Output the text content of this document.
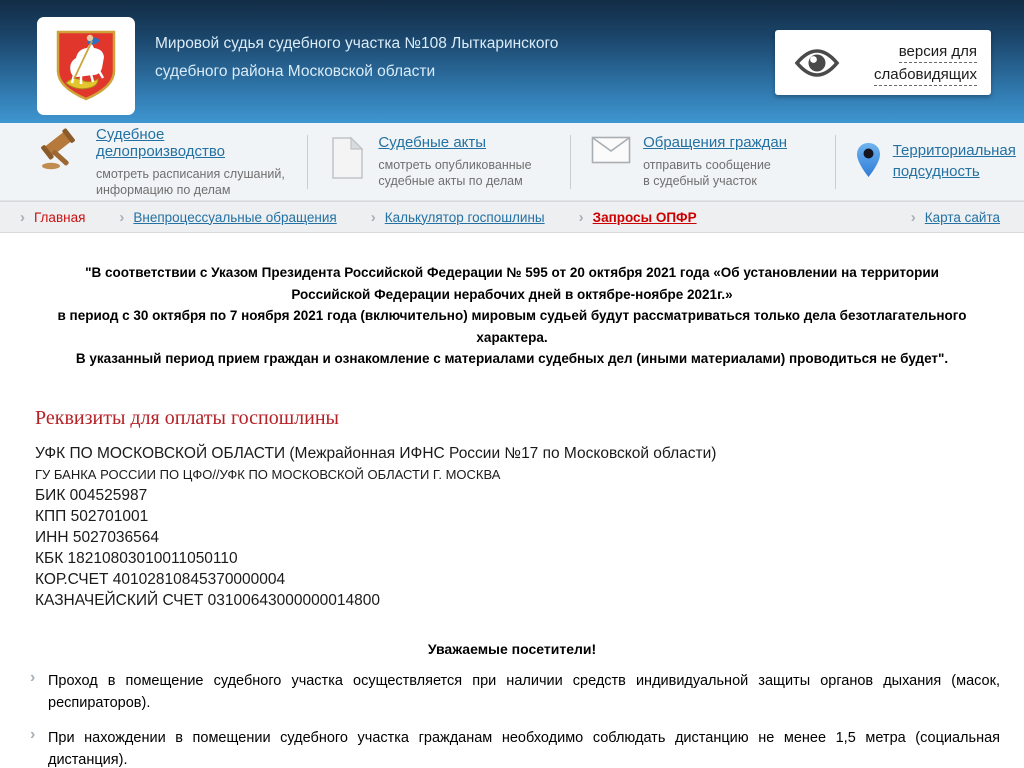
Мировой судья судебного участка №108 Лыткаринского
судебного района Московской области
версия для
слабовидящих
Судебное делопроизводство
смотреть расписания слушаний,
информацию по делам
Судебные акты
смотреть опубликованные
судебные акты по делам
Обращения граждан
отправить сообщение
в судебный участок
Территориальная подсудность
›
Главная ›	Внепроцессуальные обращения ›	Калькулятор госпошлины ›	Запросы ОПФР ›	Карта сайта

"В соответствии с Указом Президента Российской Федерации № 595 от 20 октября 2021 года «Об установлении на территории Российской Федерации нерабочих дней в октябре-ноябре 2021г.»

в период с 30 октября по 7 ноября 2021 года (включительно) мировым судьей будут рассматриваться только дела безотлагательного характера.

В указанный период прием граждан и ознакомление с материалами судебных дел (иными материалами) проводиться не будет".

Реквизиты для оплаты госпошлины
УФК ПО МОСКОВСКОЙ ОБЛАСТИ (Межрайонная ИФНС России №17 по Московской области)
ГУ БАНКА РОССИИ ПО ЦФО//УФК ПО МОСКОВСКОЙ ОБЛАСТИ Г. МОСКВА
БИК 004525987
КПП 502701001
ИНН 5027036564
КБК 18210803010011050110
КОР.СЧЕТ 40102810845370000004
КАЗНАЧЕЙСКИЙ СЧЕТ 03100643000000014800
Уважаемые посетители!
›

Проход в помещение судебного участка осуществляется при наличии средств индивидуальной защиты органов дыхания (масок, респираторов).

›

При нахождении в помещении судебного участка гражданам необходимо соблюдать дистанцию не менее 1,5 метра (социальная дистанция).
